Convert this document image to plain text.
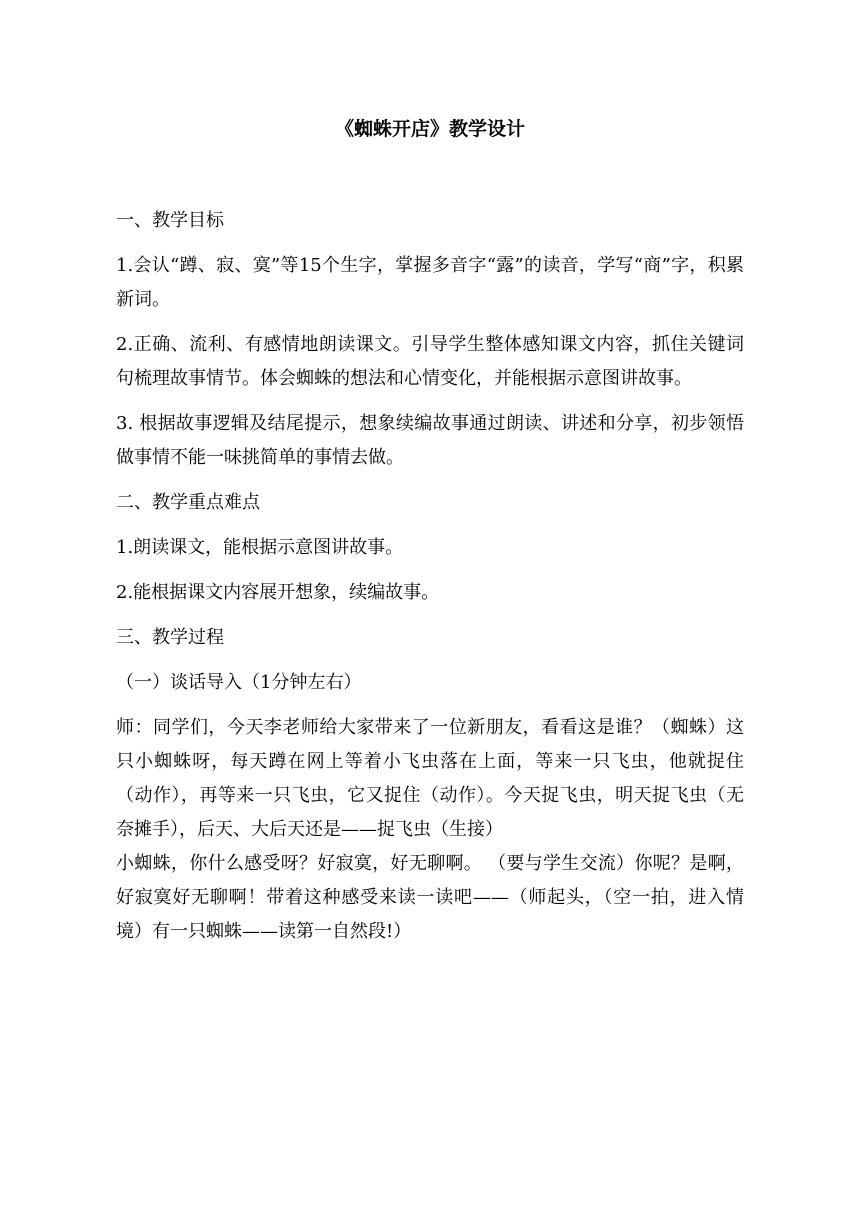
《蜘蛛开店》教学设计

一、教学目标

1.会认“蹲、寂、寞”等15个生字，掌握多音字“露”的读音，学写“商”字，积累新词。

2.正确、流利、有感情地朗读课文。引导学生整体感知课文内容，抓住关键词句梳理故事情节。体会蜘蛛的想法和心情变化，并能根据示意图讲故事。

3. 根据故事逻辑及结尾提示，想象续编故事通过朗读、讲述和分享，初步领悟做事情不能一味挑简单的事情去做。

二、教学重点难点

1.朗读课文，能根据示意图讲故事。

2.能根据课文内容展开想象，续编故事。

三、教学过程

（一）谈话导入（1分钟左右）

师：同学们，今天李老师给大家带来了一位新朋友，看看这是谁？（蜘蛛）这只小蜘蛛呀，每天蹲在网上等着小飞虫落在上面，等来一只飞虫，他就捉住（动作），再等来一只飞虫，它又捉住（动作）。今天捉飞虫，明天捉飞虫（无奈摊手），后天、大后天还是——捉飞虫（生接）

小蜘蛛，你什么感受呀？好寂寞，好无聊啊。 （要与学生交流）你呢？是啊，好寂寞好无聊啊！带着这种感受来读一读吧——（师起头，（空一拍，进入情境）有一只蜘蛛——读第一自然段!）
